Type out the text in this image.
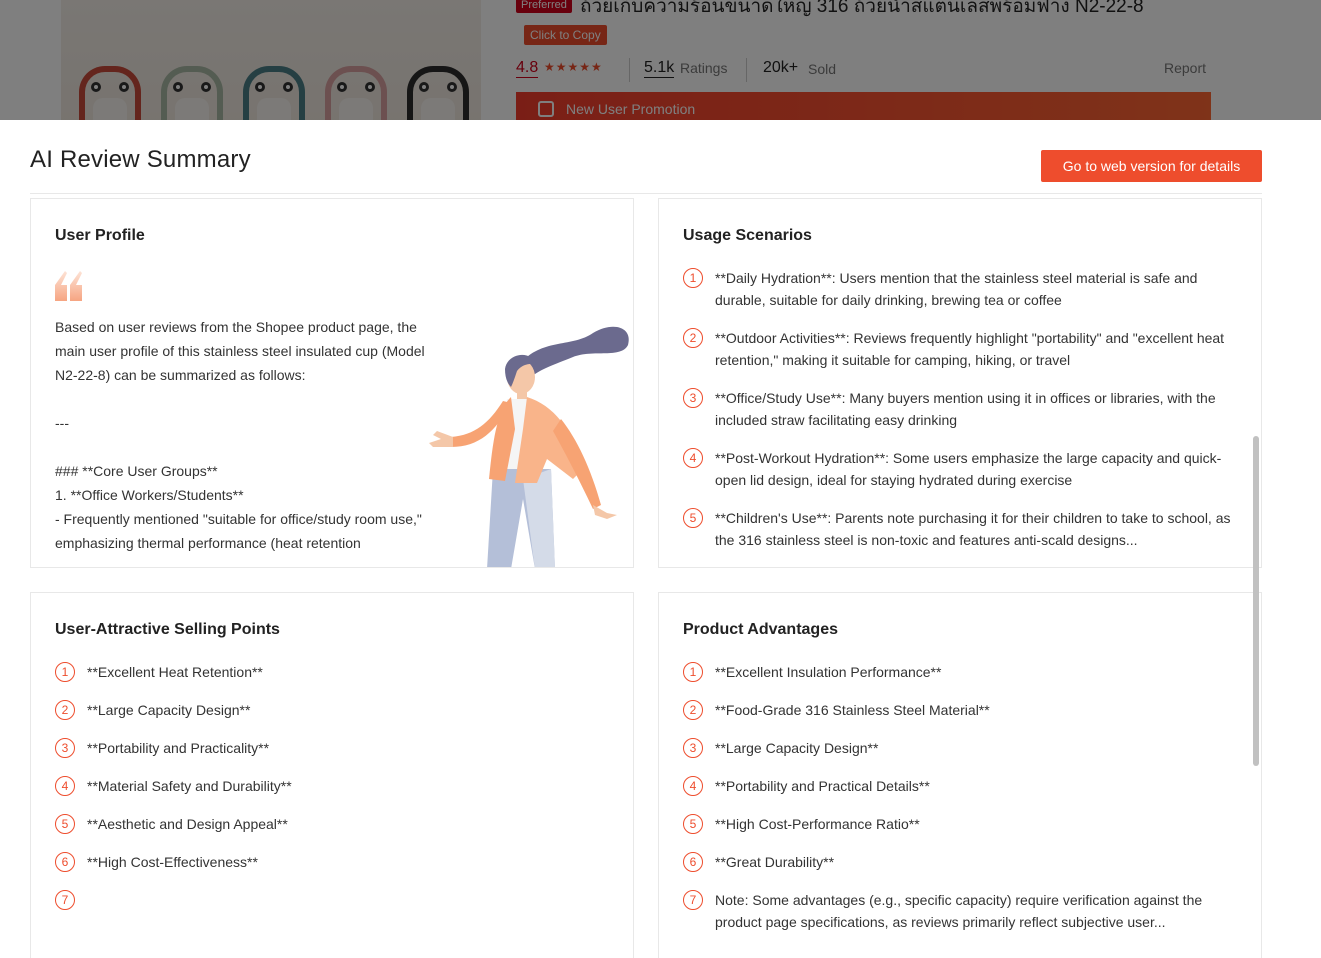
AI Review Summary	Go to web version for details
User Profile

Based on user reviews from the Shopee product page, the main user profile of this stainless steel insulated cup (Model N2-22-8) can be summarized as follows:

---

### **Core User Groups**

1. **Office Workers/Students**

- Frequently mentioned "suitable for office/study room use," emphasizing thermal performance (heat retention

Usage Scenarios
1	**Daily Hydration**: Users mention that the stainless steel material is safe and durable, suitable for daily drinking, brewing tea or coffee
2	**Outdoor Activities**: Reviews frequently highlight "portability" and "excellent heat retention," making it suitable for camping, hiking, or travel
3	**Office/Study Use**: Many buyers mention using it in offices or libraries, with the included straw facilitating easy drinking
4	**Post-Workout Hydration**: Some users emphasize the large capacity and quick-open lid design, ideal for staying hydrated during exercise
5	**Children's Use**: Parents note purchasing it for their children to take to school, as the 316 stainless steel is non-toxic and features anti-scald designs...
User-Attractive Selling Points
1	**Excellent Heat Retention**
2	**Large Capacity Design**
3	**Portability and Practicality**
4	**Material Safety and Durability**
5	**Aesthetic and Design Appeal**
6	**High Cost-Effectiveness**
7
Product Advantages
1	**Excellent Insulation Performance**
2	**Food-Grade 316 Stainless Steel Material**
3	**Large Capacity Design**
4	**Portability and Practical Details**
5	**High Cost-Performance Ratio**
6	**Great Durability**
7	Note: Some advantages (e.g., specific capacity) require verification against the product page specifications, as reviews primarily reflect subjective user...
